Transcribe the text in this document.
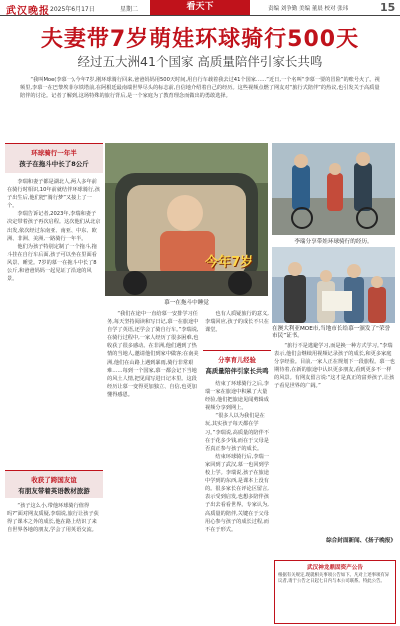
武汉晚报 2025年6月17日	星期二	看天下	责编 刘争勤 美编 董晨 校对 张玮	15
夫妻带7岁萌娃环球骑行500天
经过五大洲41个国家 高质量陪伴引家长共鸣
“我叫Moe(李慕一),今年7岁,刚环球骑行回来,爸爸妈妈用500天时间,用自行车载着我去过41个国家……”近日,一个名叫“李慕一要的冒险”的账号火了。视频里,李慕一在巴黎埃菲尔铁塔前,在阿根廷最南端世界尽头的标志前,自信地介绍着自己的经历。这些视频点燃了网友对“旅行式陪伴”的热议,也引发关于高质量陪伴的讨论。记者了解到,这场特殊的旅行背后,是一个家庭为了教育理念而做出的勇敢选择。
环球骑行一年半
孩子在拖斗中长了8公斤

李瑞和妻子都是湖北人,两人多年前在骑行时相识,10年前就结伴环球骑行,孩子出生后,他们把“骑行梦”又接上了一个。

李瑞告诉记者,2023年,李瑞和妻子决定带着孩子再次启程。这次他们从北京出发,依次经过东南亚、南亚、中东、欧洲、非洲、美洲,一路骑行一年半。

他们为孩子特别定制了一个拖斗,拖斗挂在自行车后面,孩子可以坐在里面看风景、睡觉。7岁的慕一在拖斗中长了8公斤,和爸爸妈妈一起见证了沿途的风景。

收获了跨国友谊
有朋友带着英语教材旅游

“孩子这么小,带他环球骑行值得吗?”面对网友质疑,李瑞说,旅行让孩子获得了课本之外的成长,他在路上结识了来自世界各地的朋友,学会了用英语交流。

今年7岁
慕一在拖斗中睡觉
李瑞分享带娃环球骑行的经历。
在澳大利亚MOE市,当地市长给慕一颁发了“荣誉市民”证书。

“我们在途中一直给慕一安排学习任务,每天坚持阅读和写日记,慕一在旅途中自学了英语,还学会了骑自行车。”李瑞说,在骑行过程中,一家人经历了很多困难,也收获了很多感动。在非洲,他们遇到了热情的当地人,邀请他们到家中做客;在南美洲,他们在山路上遇到暴雨,骑行非常艰难……每到一个国家,慕一都会记下当地的风土人情,把见闻写进日记本里。这段经历让慕一变得更加独立、自信,也更加懂得感恩。

也有人质疑旅行的意义,李瑞回应,孩子的成长不只在课堂。

分享育儿经验
高质量陪伴引家长共鸣

结束了环球骑行之后,李瑞一家在旅途中积累了大量经验,他们把旅途见闻剪辑成视频分享到网上。

“很多人以为我们是在玩,其实孩子每天都在学习。”李瑞说,高质量的陪伴不在于花多少钱,而在于父母是否真正参与孩子的成长。

结束环球骑行后,李瑞一家回到了武汉,慕一也回到学校上学。李瑞说,孩子在旅途中学到的东西,是课本上没有的。很多家长在评论区留言,表示受到启发,也想多陪伴孩子出去看看世界。专家认为,高质量的陪伴,关键在于父母用心参与孩子的成长过程,而不在于形式。

“旅行不是逃避学习,而是换一种方式学习。”李瑞表示,他们会继续用视频记录孩子的成长,和更多家庭分享经验。目前,一家人正在规划下一段旅程。慕一也期待着,在新的旅途中认识更多朋友,看到更多不一样的风景。有网友留言说:“这才是真正的富养孩子,让孩子看见世界的广阔。”

综合封面新闻、《扬子晚报》
武汉神龙鼎固资产公告
根据有关规定,现就相关事项公告如下。凡对上述事项有异议者,请于公告之日起七日内与本公司联系。特此公告。
